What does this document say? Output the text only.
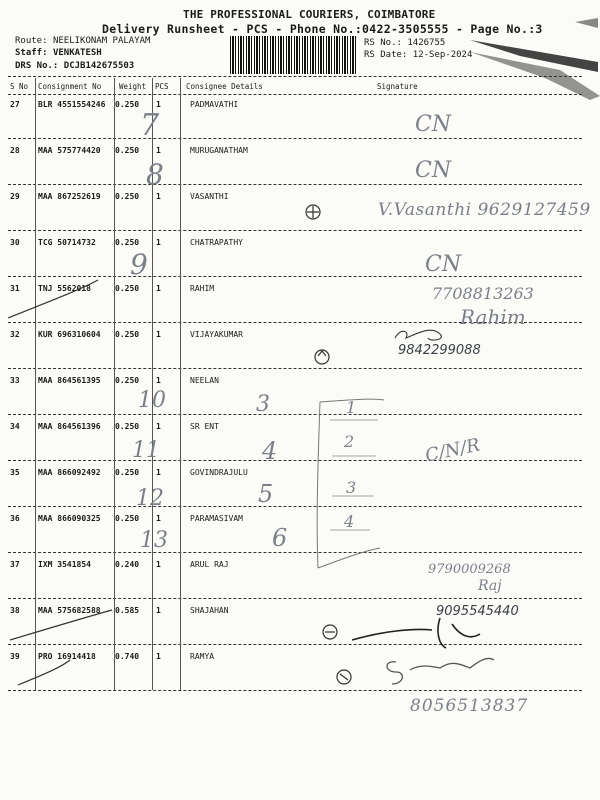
THE PROFESSIONAL COURIERS, COIMBATORE
Delivery Runsheet - PCS - Phone No.:0422-3505555 - Page No.:3
Route: NEELIKONAM PALAYAM
Staff: VENKATESH
DRS No.: DCJB142675503
RS No.: 1426755
RS Date: 12-Sep-2024
S No Consignment No Weight PCS Consignee Details	Signature
27 BLR 4551554246 0.250 1	PADMAVATHI
28 MAA 575774420 0.250 1	MURUGANATHAM
29 MAA 867252619 0.250 1	VASANTHI
30 TCG 50714732 0.250 1	CHATRAPATHY
31 TNJ 5562018	0.250 1	RAHIM
32 KUR 696310604 0.250 1	VIJAYAKUMAR
33 MAA 864561395 0.250 1	NEELAN
34 MAA 864561396 0.250 1	SR ENT
35 MAA 866092492 0.250 1	GOVINDRAJULU
36 MAA 866090325 0.250 1	PARAMASIVAM
37 IXM 3541854	0.240 1	ARUL RAJ
38 MAA 575682588 0.585 1	SHAJAHAN
39 PRO 16914418 0.740 1	RAMYA
7
8
9
10
11
12
13
CN
CN
CN
V.Vasanthi 9629127459
7708813263
Rahim
9842299088
3
4
5
6
1
2
3
4
C/N/R
9790009268
Raj
9095545440
8056513837
